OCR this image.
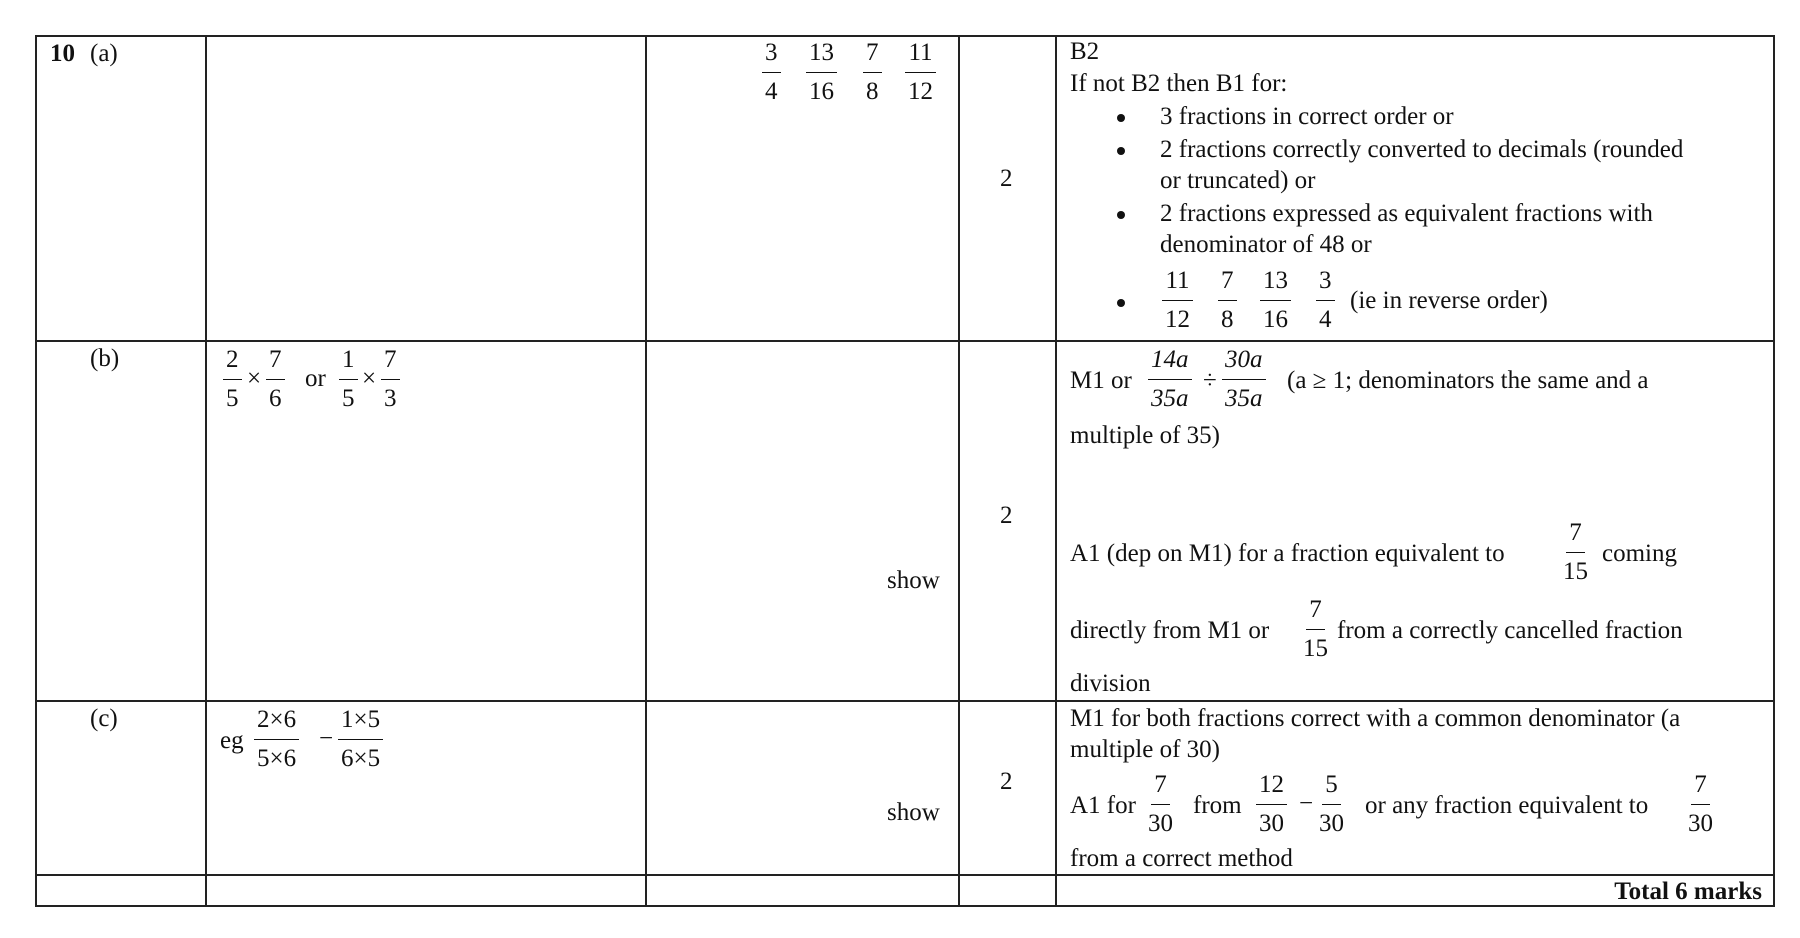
10 (a)	$\frac{3}{4} \frac{13}{16} \frac{7}{8} \frac{11}{12}$
2
B2
If not B2 then B1 for:
3 fractions in correct order or
2 fractions correctly converted to decimals (rounded
or truncated) or
2 fractions expressed as equivalent fractions with
denominator of 48 or
$\frac{11}{12} \frac{7}{8} \frac{13}{16} \frac{3}{4} (ie$ in reverse order)
(b)	$\frac{2}{5} \times \frac{7}{6}$ or $\frac{1}{5} \times \frac{7}{3}$
show
2
M1 or $\frac{14a}{35a} \div \frac{30a}{35a} (a \ge 1$; denominators the same and a
multiple of 35)
A1 (dep on M1) for a fraction equivalent to $\frac{7}{15}$ coming
directly from M1 or $\frac{7}{15}$ from a correctly cancelled fraction
division
(c)
eg $\frac{2\times 6}{5\times 6} - \frac{1\times 5}{6\times 5}$
show
2
M1 for both fractions correct with a common denominator (a
multiple of 30)
A1 for $\frac{7}{30}$ from $\frac{12}{30} - \frac{5}{30}$ or any fraction equivalent to $\frac{7}{30}$
from a correct method
Total 6 marks
